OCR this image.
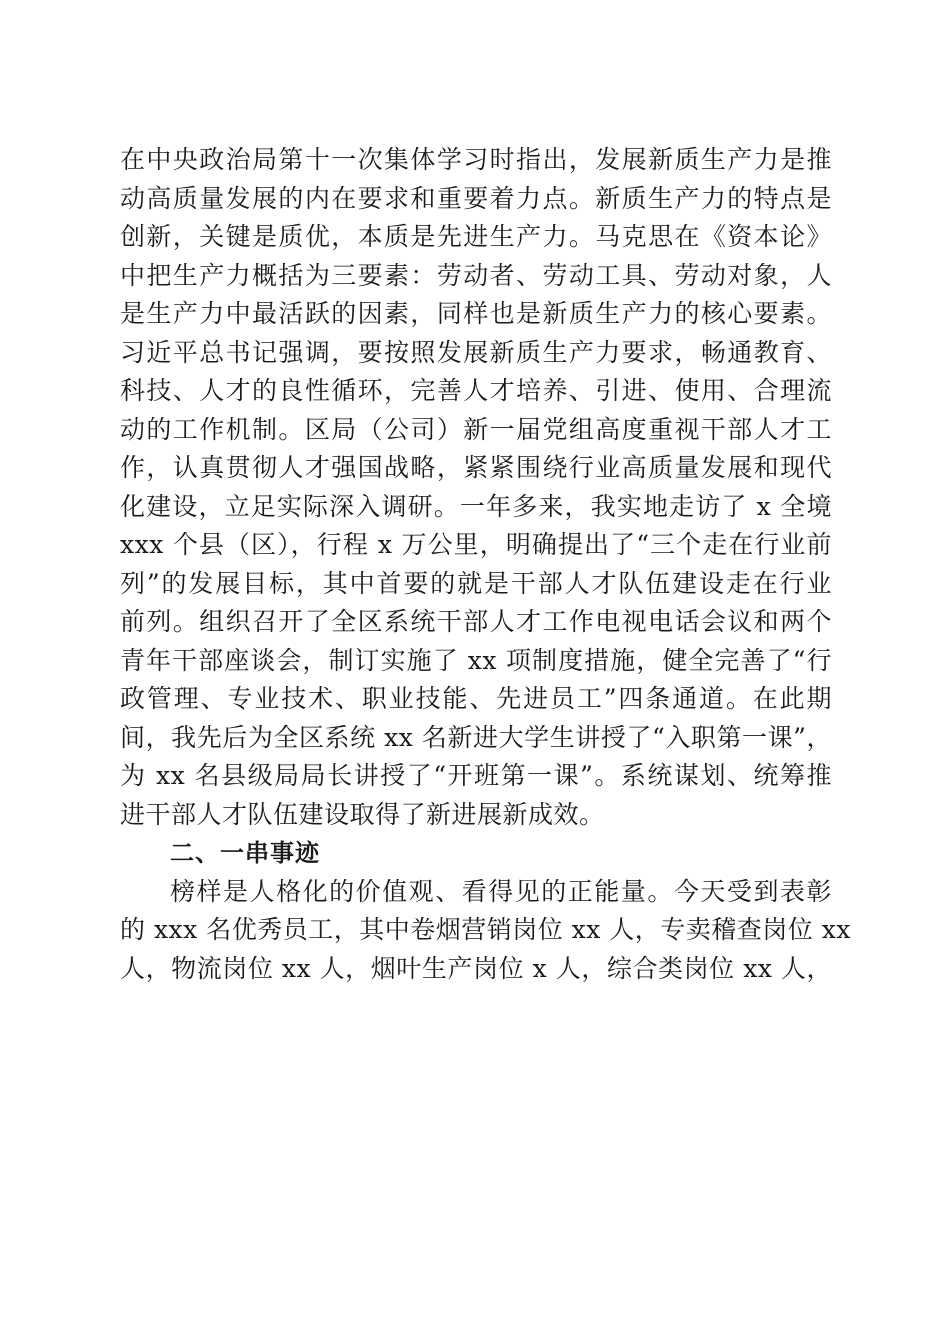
在中央政治局第十一次集体学习时指出，发展新质生产力是推
动高质量发展的内在要求和重要着力点。新质生产力的特点是
创新，关键是质优，本质是先进生产力。马克思在《资本论》
中把生产力概括为三要素：劳动者、劳动工具、劳动对象，人
是生产力中最活跃的因素，同样也是新质生产力的核心要素。
习近平总书记强调，要按照发展新质生产力要求，畅通教育、
科技、人才的良性循环，完善人才培养、引进、使用、合理流
动的工作机制。区局（公司）新一届党组高度重视干部人才工
作，认真贯彻人才强国战略，紧紧围绕行业高质量发展和现代
化建设，立足实际深入调研。一年多来，我实地走访了 x 全境
xxx 个县（区），行程 x 万公里，明确提出了“三个走在行业前
列”的发展目标，其中首要的就是干部人才队伍建设走在行业
前列。组织召开了全区系统干部人才工作电视电话会议和两个
青年干部座谈会，制订实施了 xx 项制度措施，健全完善了“行
政管理、专业技术、职业技能、先进员工”四条通道。在此期
间，我先后为全区系统 xx 名新进大学生讲授了“入职第一课”，
为 xx 名县级局局长讲授了“开班第一课”。系统谋划、统筹推
进干部人才队伍建设取得了新进展新成效。
二、一串事迹
榜样是人格化的价值观、看得见的正能量。今天受到表彰
的 xxx 名优秀员工，其中卷烟营销岗位 xx 人，专卖稽查岗位 xx
人，物流岗位 xx 人，烟叶生产岗位 x 人，综合类岗位 xx 人，
